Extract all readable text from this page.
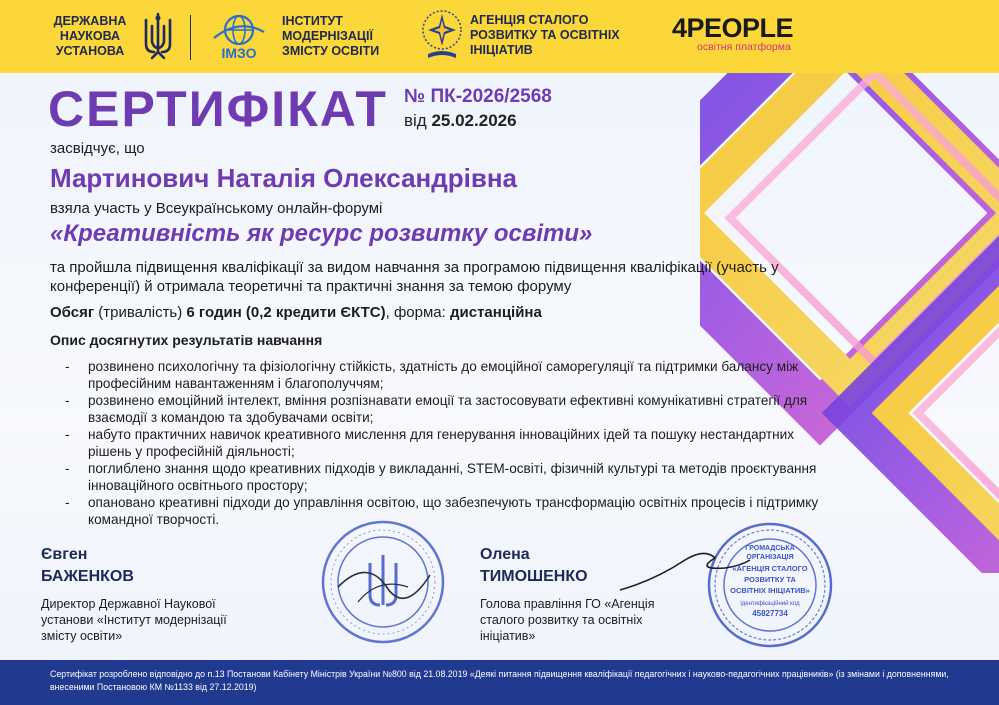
ДЕРЖАВНА НАУКОВА УСТАНОВА	ІМЗО
ІНСТИТУТ МОДЕРНІЗАЦІЇ ЗМІСТУ ОСВІТИ
АГЕНЦІЯ СТАЛОГО РОЗВИТКУ ТА ОСВІТНІХ ІНІЦІАТИВ
4PEOPLE
освітня платформа
СЕРТИФІКАТ № ПК-2026/2568
від 25.02.2026
засвідчує, що
Мартинович Наталія Олександрівна
взяла участь у Всеукраїнському онлайн-форумі
«Креативність як ресурс розвитку освіти»
та пройшла підвищення кваліфікації за видом навчання за програмою підвищення кваліфікації (участь у конференції) й отримала теоретичні та практичні знання за темою форуму
Обсяг (тривалість) 6 годин (0,2 кредити ЄКТС), форма: дистанційна
Опис досягнутих результатів навчання
- розвинено психологічну та фізіологічну стійкість, здатність до емоційної саморегуляції та підтримки балансу між професійним навантаженням і благополуччям;
- розвинено емоційний інтелект, вміння розпізнавати емоції та застосовувати ефективні комунікативні стратегії для взаємодії з командою та здобувачами освіти;
- набуто практичних навичок креативного мислення для генерування інноваційних ідей та пошуку нестандартних рішень у професійній діяльності;
- поглиблено знання щодо креативних підходів у викладанні, STEM-освіті, фізичній культурі та методів проєктування інноваційного освітнього простору;
- опановано креативні підходи до управління освітою, що забезпечують трансформацію освітніх процесів і підтримку командної творчості.
ГРОМАДСЬКА
ОРГАНІЗАЦІЯ
«АГЕНЦІЯ СТАЛОГО
РОЗВИТКУ ТА
ОСВІТНІХ ІНІЦІАТИВ»
ідентифікаційний код
45827734
Євген
БАЖЕНКОВ
Директор Державної Наукової установи «Інститут модернізації змісту освіти»
Олена
ТИМОШЕНКО
Голова правління ГО «Агенція сталого розвитку та освітніх ініціатив»
Сертифікат розроблено відповідно до п.13 Постанови Кабінету Міністрів України №800 від 21.08.2019 «Деякі питання підвищення кваліфікації педагогічних і науково-педагогічних працівників» (із змінами і доповненнями, внесеними Постановою КМ №1133 від 27.12.2019)
